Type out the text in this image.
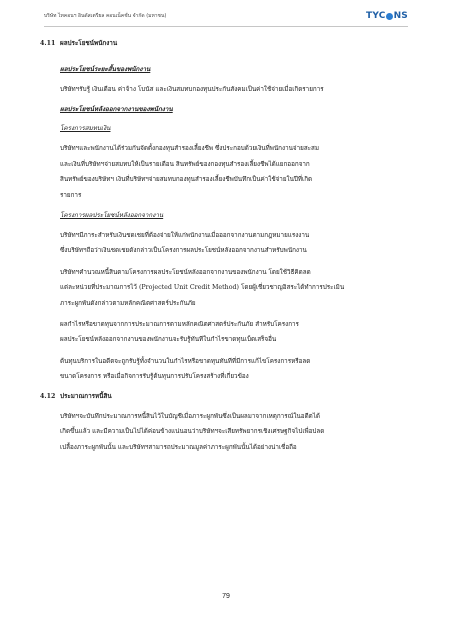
บริษัท ไทคอนฯ อินดัสเตรียล คอนเน็คชั่น จำกัด (มหาชน)	TYC NS
4.11 ผลประโยชน์พนักงาน
ผลประโยชน์ระยะสั้นของพนักงาน
บริษัทฯรับรู้ เงินเดือน ค่าจ้าง โบนัส และเงินสมทบกองทุนประกันสังคมเป็นค่าใช้จ่ายเมื่อเกิดรายการ
ผลประโยชน์หลังออกจากงานของพนักงาน
โครงการสมทบเงิน
บริษัทฯและพนักงานได้ร่วมกันจัดตั้งกองทุนสำรองเลี้ยงชีพ ซึ่งประกอบด้วยเงินที่พนักงานจ่ายสะสม
และเงินที่บริษัทฯจ่ายสมทบให้เป็นรายเดือน สินทรัพย์ของกองทุนสำรองเลี้ยงชีพได้แยกออกจาก
สินทรัพย์ของบริษัทฯ เงินที่บริษัทฯจ่ายสมทบกองทุนสำรองเลี้ยงชีพบันทึกเป็นค่าใช้จ่ายในปีที่เกิด
รายการ
โครงการผลประโยชน์หลังออกจากงาน
บริษัทฯมีภาระสำหรับเงินชดเชยที่ต้องจ่ายให้แก่พนักงานเมื่อออกจากงานตามกฎหมายแรงงาน
ซึ่งบริษัทฯถือว่าเงินชดเชยดังกล่าวเป็นโครงการผลประโยชน์หลังออกจากงานสำหรับพนักงาน
บริษัทฯคำนวณหนี้สินตามโครงการผลประโยชน์หลังออกจากงานของพนักงาน โดยใช้วิธีคิดลด
แต่ละหน่วยที่ประมาณการไว้ (Projected Unit Credit Method) โดยผู้เชี่ยวชาญอิสระได้ทำการประเมิน
ภาระผูกพันดังกล่าวตามหลักคณิตศาสตร์ประกันภัย
ผลกำไรหรือขาดทุนจากการประมาณการตามหลักคณิตศาสตร์ประกันภัย สำหรับโครงการ
ผลประโยชน์หลังออกจากงานของพนักงานจะรับรู้ทันทีในกำไรขาดทุนเบ็ดเสร็จอื่น
ต้นทุนบริการในอดีตจะถูกรับรู้ทั้งจำนวนในกำไรหรือขาดทุนทันทีที่มีการแก้ไขโครงการหรือลด
ขนาดโครงการ หรือเมื่อกิจการรับรู้ต้นทุนการปรับโครงสร้างที่เกี่ยวข้อง
4.12 ประมาณการหนี้สิน
บริษัทฯจะบันทึกประมาณการหนี้สินไว้ในบัญชีเมื่อภาระผูกพันซึ่งเป็นผลมาจากเหตุการณ์ในอดีตได้
เกิดขึ้นแล้ว และมีความเป็นไปได้ค่อนข้างแน่นอนว่าบริษัทฯจะเสียทรัพยากรเชิงเศรษฐกิจไปเพื่อปลด
เปลื้องภาระผูกพันนั้น และบริษัทฯสามารถประมาณมูลค่าภาระผูกพันนั้นได้อย่างน่าเชื่อถือ
79
